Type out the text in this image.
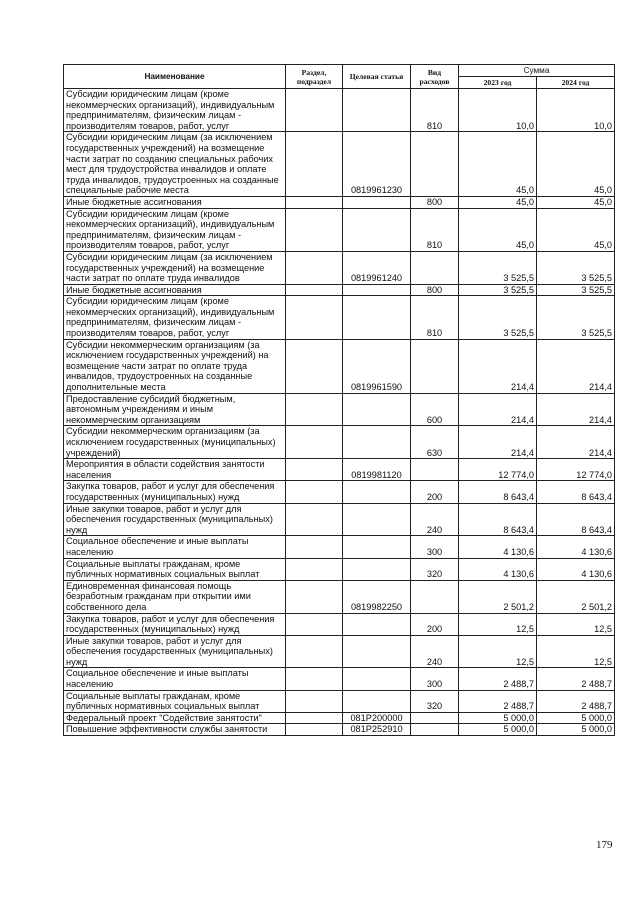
Наименование	Раздел, подраздел	Целевая статья	Вид расходов	Сумма	
				2023 год	2024 год
Субсидии юридическим лицам (кроме некоммерческих организаций), индивидуальным предпринимателям, физическим лицам - производителям товаров, работ, услуг			810	10,0	10,0
Субсидии юридическим лицам (за исключением государственных учреждений) на возмещение части затрат по созданию специальных рабочих мест для трудоустройства инвалидов и оплате труда инвалидов, трудоустроенных на созданные специальные рабочие места		0819961230		45,0	45,0
Иные бюджетные ассигнования			800	45,0	45,0
Субсидии юридическим лицам (кроме некоммерческих организаций), индивидуальным предпринимателям, физическим лицам - производителям товаров, работ, услуг			810	45,0	45,0
Субсидии юридическим лицам (за исключением государственных учреждений) на возмещение части затрат по оплате труда инвалидов		0819961240		3 525,5	3 525,5
Иные бюджетные ассигнования			800	3 525,5	3 525,5
Субсидии юридическим лицам (кроме некоммерческих организаций), индивидуальным предпринимателям, физическим лицам - производителям товаров, работ, услуг			810	3 525,5	3 525,5
Субсидии некоммерческим организациям (за исключением государственных учреждений) на возмещение части затрат по оплате труда инвалидов, трудоустроенных на созданные дополнительные места		0819961590		214,4	214,4
Предоставление субсидий бюджетным, автономным учреждениям и иным некоммерческим организациям			600	214,4	214,4
Субсидии некоммерческим организациям (за исключением государственных (муниципальных) учреждений)			630	214,4	214,4
Мероприятия в области содействия занятости населения		0819981120		12 774,0	12 774,0
Закупка товаров, работ и услуг для обеспечения государственных (муниципальных) нужд			200	8 643,4	8 643,4
Иные закупки товаров, работ и услуг для обеспечения государственных (муниципальных) нужд			240	8 643,4	8 643,4
Социальное обеспечение и иные выплаты населению			300	4 130,6	4 130,6
Социальные выплаты гражданам, кроме публичных нормативных социальных выплат			320	4 130,6	4 130,6
Единовременная финансовая помощь безработным гражданам при открытии ими собственного дела		0819982250		2 501,2	2 501,2
Закупка товаров, работ и услуг для обеспечения государственных (муниципальных) нужд			200	12,5	12,5
Иные закупки товаров, работ и услуг для обеспечения государственных (муниципальных) нужд			240	12,5	12,5
Социальное обеспечение и иные выплаты населению			300	2 488,7	2 488,7
Социальные выплаты гражданам, кроме публичных нормативных социальных выплат			320	2 488,7	2 488,7
Федеральный проект "Содействие занятости"		081Р200000		5 000,0	5 000,0
Повышение эффективности службы занятости		081Р252910		5 000,0	5 000,0
179
